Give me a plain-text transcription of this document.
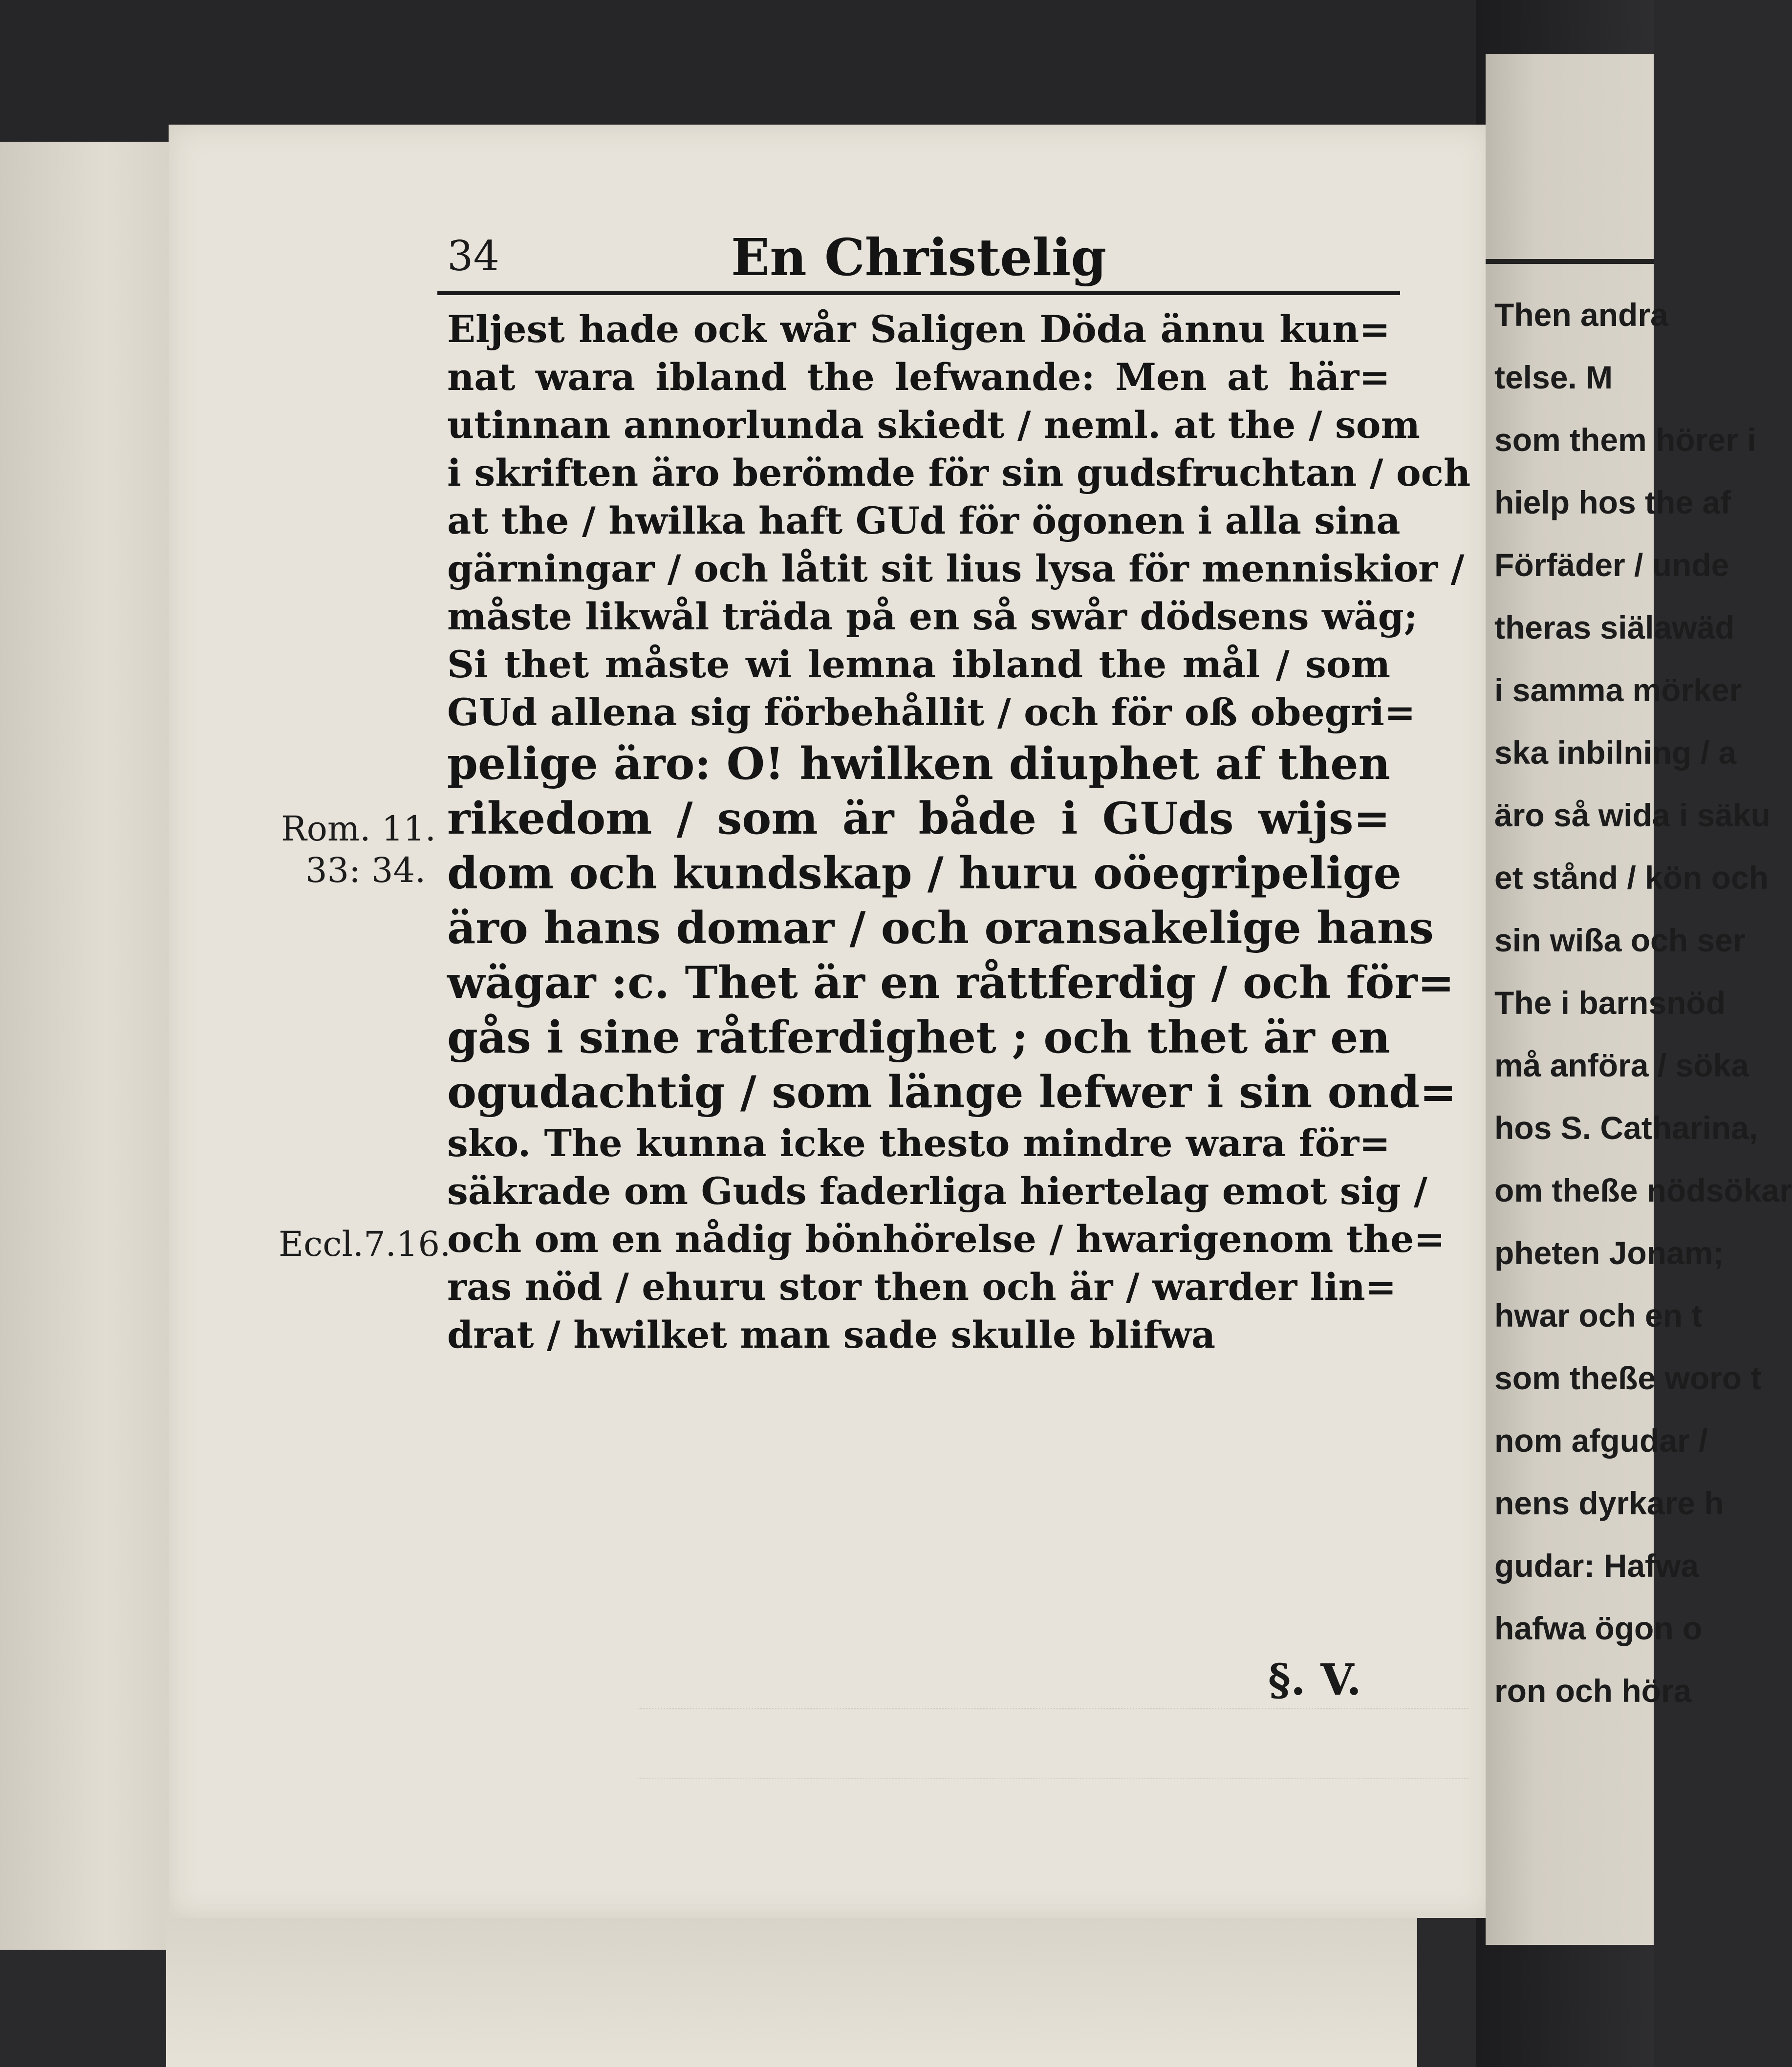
34	En Christelig
Eljest hade ock wår Saligen Döda ännu kun=
nat wara ibland the lefwande: Men at här=
utinnan annorlunda skiedt / neml. at the / som
i skriften äro berömde för sin gudsfruchtan / och
at the / hwilka haft GUd för ögonen i alla sina
gärningar / och låtit sit lius lysa för menniskior /
måste likwål träda på en så swår dödsens wäg;
Si thet måste wi lemna ibland the mål / som
GUd allena sig förbehållit / och för oß obegri=
pelige äro: O! hwilken diuphet af then
rikedom / som är både i GUds wijs=
dom och kundskap / huru oöegripelige
äro hans domar / och oransakelige hans
wägar :c. Thet är en råttferdig / och för=
gås i sine råtferdighet ; och thet är en
ogudachtig / som länge lefwer i sin ond=
sko. The kunna icke thesto mindre wara för=
säkrade om Guds faderliga hiertelag emot sig /
och om en nådig bönhörelse / hwarigenom the=
ras nöd / ehuru stor then och är / warder lin=
drat / hwilket man sade skulle blifwa
Rom. 11.
33: 34.
Eccl.7.16.
§. V.
Then andra
telse. M
som them hörer i
hielp hos the af
Förfäder / unde
theras siälawäd
i samma mörker
ska inbilning / a
äro så wida i säku
et stånd / kön och
sin wißa och ser
The i barnsnöd
må anföra / söka
hos S. Catharina,
om theße nödsökar
pheten Jonam;
hwar och en t
som theße woro t
nom afgudar /
nens dyrkare h
gudar: Hafwa
hafwa ögon o
ron och höra
